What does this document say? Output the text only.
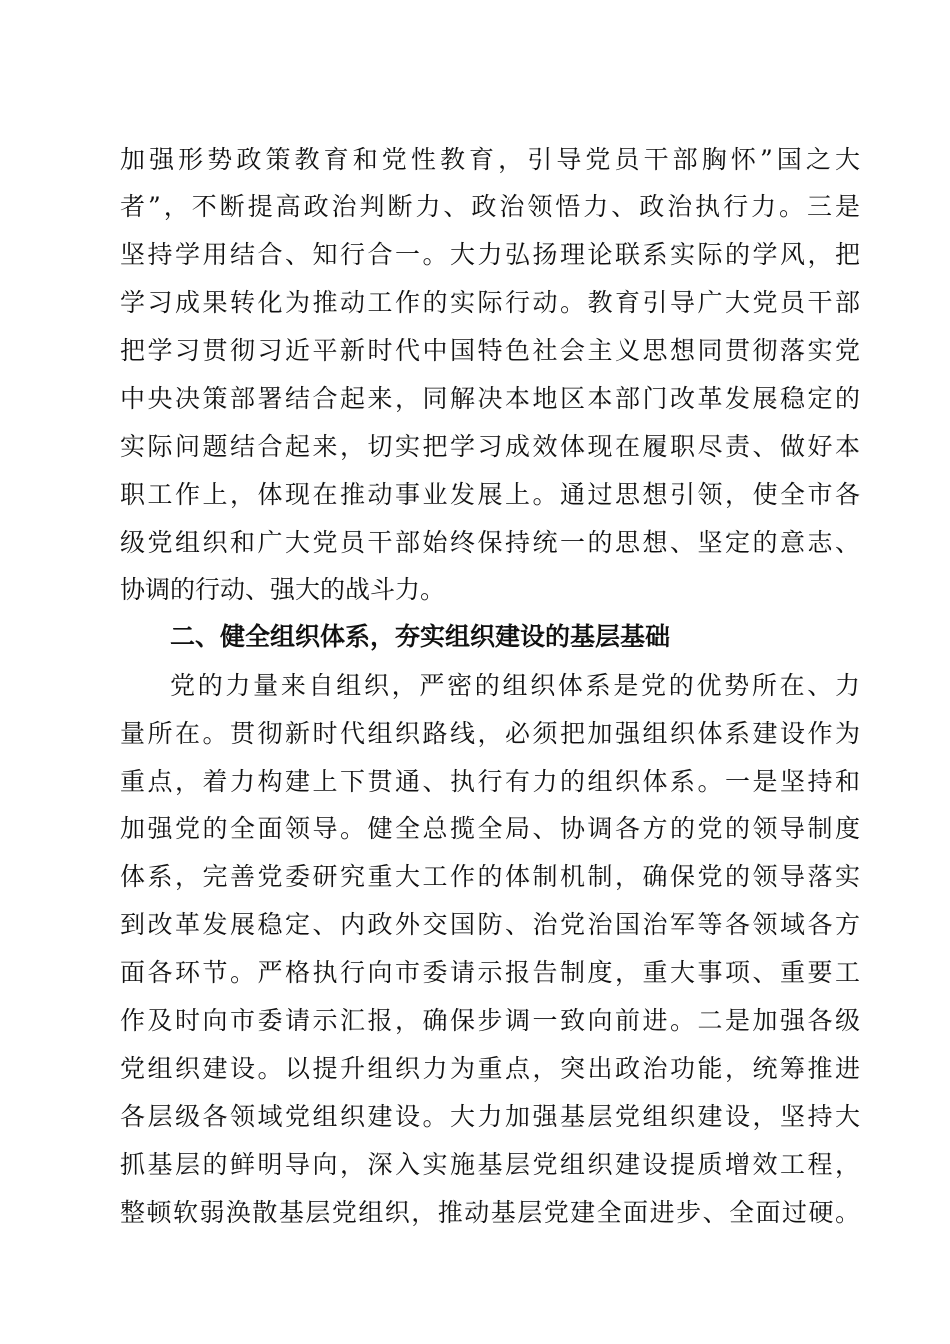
加强形势政策教育和党性教育，引导党员干部胸怀”国之大
者”，不断提高政治判断力、政治领悟力、政治执行力。三是
坚持学用结合、知行合一。大力弘扬理论联系实际的学风，把
学习成果转化为推动工作的实际行动。教育引导广大党员干部
把学习贯彻习近平新时代中国特色社会主义思想同贯彻落实党
中央决策部署结合起来，同解决本地区本部门改革发展稳定的
实际问题结合起来，切实把学习成效体现在履职尽责、做好本
职工作上，体现在推动事业发展上。通过思想引领，使全市各
级党组织和广大党员干部始终保持统一的思想、坚定的意志、
协调的行动、强大的战斗力。
二、健全组织体系，夯实组织建设的基层基础
党的力量来自组织，严密的组织体系是党的优势所在、力
量所在。贯彻新时代组织路线，必须把加强组织体系建设作为
重点，着力构建上下贯通、执行有力的组织体系。一是坚持和
加强党的全面领导。健全总揽全局、协调各方的党的领导制度
体系，完善党委研究重大工作的体制机制，确保党的领导落实
到改革发展稳定、内政外交国防、治党治国治军等各领域各方
面各环节。严格执行向市委请示报告制度，重大事项、重要工
作及时向市委请示汇报，确保步调一致向前进。二是加强各级
党组织建设。以提升组织力为重点，突出政治功能，统筹推进
各层级各领域党组织建设。大力加强基层党组织建设，坚持大
抓基层的鲜明导向，深入实施基层党组织建设提质增效工程，
整顿软弱涣散基层党组织，推动基层党建全面进步、全面过硬。
